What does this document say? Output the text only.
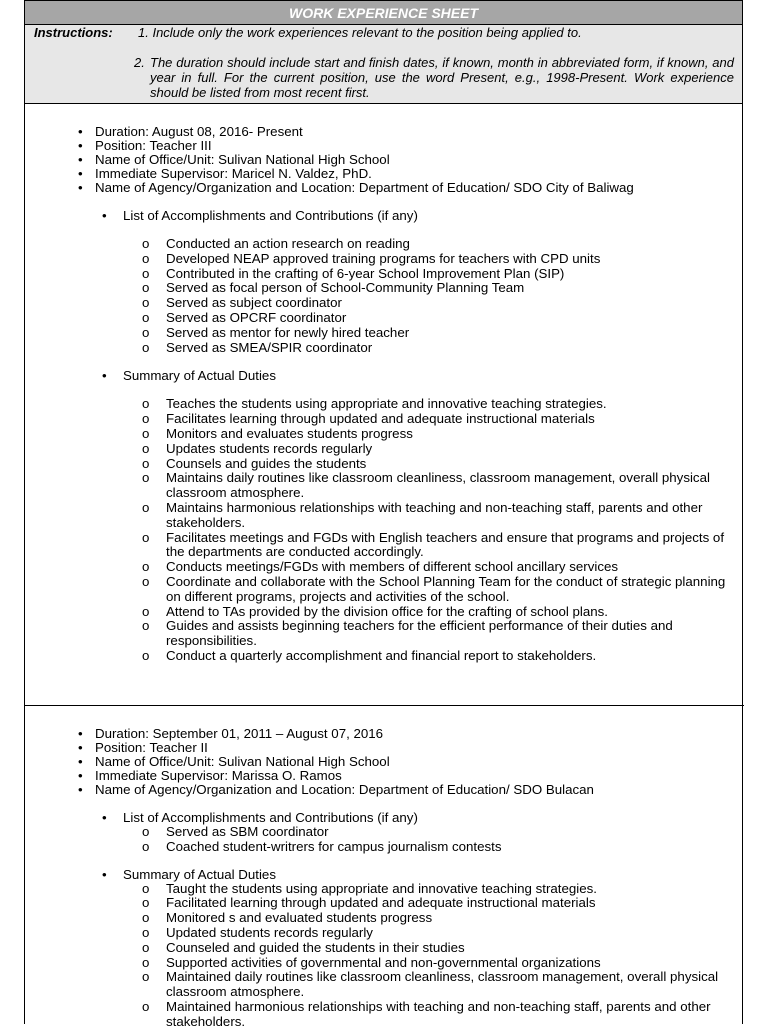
WORK EXPERIENCE SHEET
Instructions: 1. Include only the work experiences relevant to the position being applied to.
2. The duration should include start and finish dates, if known, month in abbreviated form, if known, and year in full. For the current position, use the word Present, e.g., 1998-Present. Work experience should be listed from most recent first.
• Duration: August 08, 2016- Present
• Position: Teacher III
• Name of Office/Unit: Sulivan National High School
• Immediate Supervisor: Maricel N. Valdez, PhD.
• Name of Agency/Organization and Location: Department of Education/ SDO City of Baliwag
• List of Accomplishments and Contributions (if any)
o Conducted an action research on reading
o Developed NEAP approved training programs for teachers with CPD units
o Contributed in the crafting of 6-year School Improvement Plan (SIP)
o Served as focal person of School-Community Planning Team
o Served as subject coordinator
o Served as OPCRF coordinator
o Served as mentor for newly hired teacher
o Served as SMEA/SPIR coordinator
• Summary of Actual Duties
o Teaches the students using appropriate and innovative teaching strategies.
o Facilitates learning through updated and adequate instructional materials
o Monitors and evaluates students progress
o Updates students records regularly
o Counsels and guides the students
o Maintains daily routines like classroom cleanliness, classroom management, overall physical classroom atmosphere.
o Maintains harmonious relationships with teaching and non-teaching staff, parents and other stakeholders.
o Facilitates meetings and FGDs with English teachers and ensure that programs and projects of the departments are conducted accordingly.
o Conducts meetings/FGDs with members of different school ancillary services
o Coordinate and collaborate with the School Planning Team for the conduct of strategic planning on different programs, projects and activities of the school.
o Attend to TAs provided by the division office for the crafting of school plans.
o Guides and assists beginning teachers for the efficient performance of their duties and responsibilities.
o Conduct a quarterly accomplishment and financial report to stakeholders.
• Duration: September 01, 2011 – August 07, 2016
• Position: Teacher II
• Name of Office/Unit: Sulivan National High School
• Immediate Supervisor: Marissa O. Ramos
• Name of Agency/Organization and Location: Department of Education/ SDO Bulacan
• List of Accomplishments and Contributions (if any)
o Served as SBM coordinator
o Coached student-writrers for campus journalism contests
• Summary of Actual Duties
o Taught the students using appropriate and innovative teaching strategies.
o Facilitated learning through updated and adequate instructional materials
o Monitored s and evaluated students progress
o Updated students records regularly
o Counseled and guided the students in their studies
o Supported activities of governmental and non-governmental organizations
o Maintained daily routines like classroom cleanliness, classroom management, overall physical classroom atmosphere.
o Maintained harmonious relationships with teaching and non-teaching staff, parents and other stakeholders.
